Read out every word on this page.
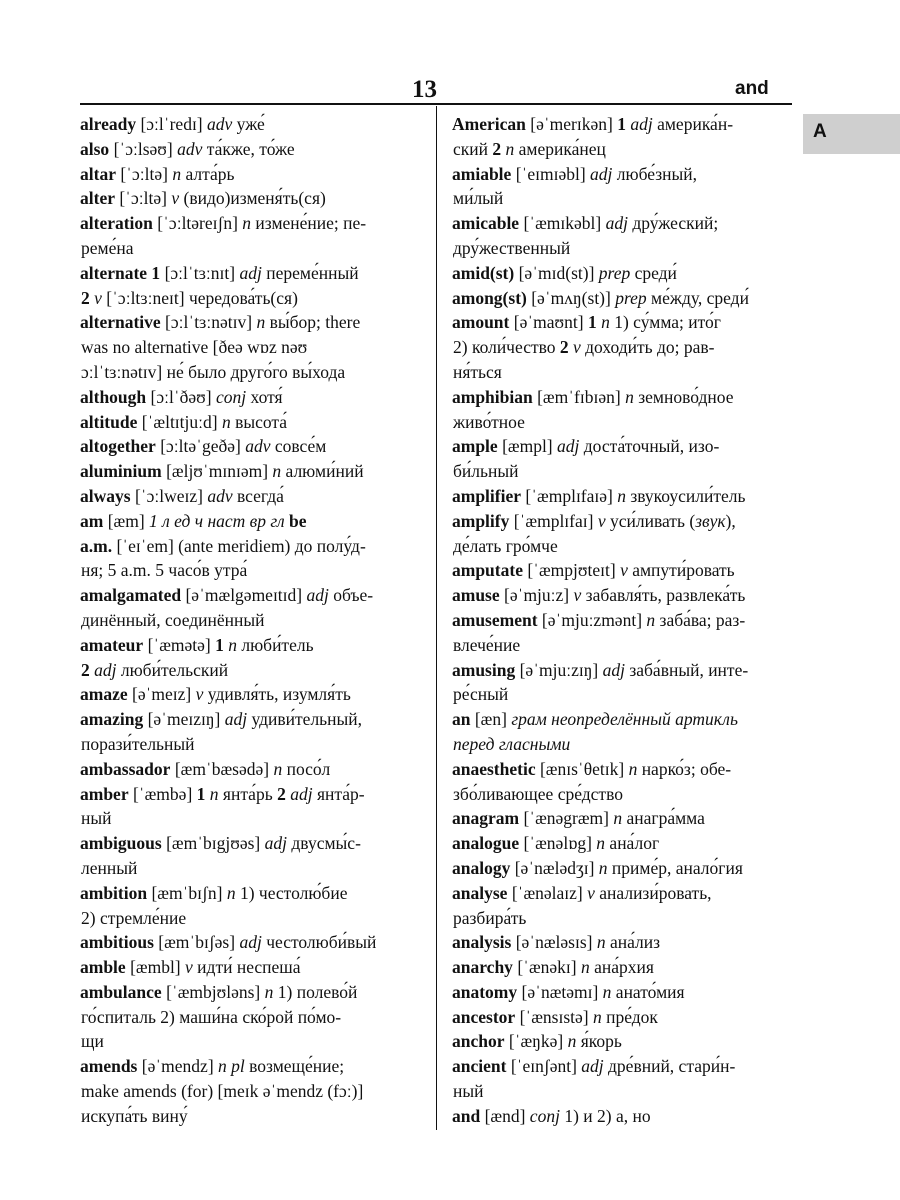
13	and
A
already [ɔːlˈredɪ] adv уже́
also [ˈɔːlsəʊ] adv та́кже, то́же
altar [ˈɔːltə] n алта́рь
alter [ˈɔːltə] v (видо)изменя́ть(ся)
alteration [ˈɔːltəreɪʃn] n измене́ние; пе-
реме́на
alternate 1 [ɔːlˈtɜːnɪt] adj переме́нный
2 v [ˈɔːltɜːneɪt] чередова́ть(ся)
alternative [ɔːlˈtɜːnətɪv] n вы́бор; there
was no alternative [ðeə wɒz nəʊ
ɔːlˈtɜːnətɪv] не́ было друго́го вы́хода
although [ɔːlˈðəʊ] conj хотя́
altitude [ˈæltɪtjuːd] n высота́
altogether [ɔːltəˈgeðə] adv совсе́м
aluminium [æljʊˈmɪnɪəm] n алюми́ний
always [ˈɔːlweɪz] adv всегда́
am [æm] 1 л ед ч наст вр гл be
a.m. [ˈeɪˈem] (ante meridiem) до полу́д-
ня; 5 a.m. 5 часо́в утра́
amalgamated [əˈmælgəmeɪtɪd] adj объе-
динённый, соединённый
amateur [ˈæmətə] 1 n люби́тель
2 adj люби́тельский
amaze [əˈmeɪz] v удивля́ть, изумля́ть
amazing [əˈmeɪzɪŋ] adj удиви́тельный,
порази́тельный
ambassador [æmˈbæsədə] n посо́л
amber [ˈæmbə] 1 n янта́рь 2 adj янта́р-
ный
ambiguous [æmˈbɪgjʊəs] adj двусмы́с-
ленный
ambition [æmˈbɪʃn] n 1) честолю́бие
2) стремле́ние
ambitious [æmˈbɪʃəs] adj честолюби́вый
amble [æmbl] v идти́ неспеша́
ambulance [ˈæmbjʊləns] n 1) полево́й
го́спиталь 2) маши́на ско́рой по́мо-
щи
amends [əˈmendz] n pl возмеще́ние;
make amends (for) [meɪk əˈmendz (fɔː)]
искупа́ть вину́
American [əˈmerɪkən] 1 adj америка́н-
ский 2 n америка́нец
amiable [ˈeɪmɪəbl] adj любе́зный,
ми́лый
amicable [ˈæmɪkəbl] adj дру́жеский;
дру́жественный
amid(st) [əˈmɪd(st)] prep среди́
among(st) [əˈmʌŋ(st)] prep ме́жду, среди́
amount [əˈmaʊnt] 1 n 1) су́мма; ито́г
2) коли́чество 2 v доходи́ть до; рав-
ня́ться
amphibian [æmˈfɪbɪən] n земново́дное
живо́тное
ample [æmpl] adj доста́точный, изо-
би́льный
amplifier [ˈæmplɪfaɪə] n звукоусили́тель
amplify [ˈæmplɪfaɪ] v уси́ливать (звук),
де́лать гро́мче
amputate [ˈæmpjʊteɪt] v ампути́ровать
amuse [əˈmjuːz] v забавля́ть, развлека́ть
amusement [əˈmjuːzmənt] n заба́ва; раз-
влече́ние
amusing [əˈmjuːzɪŋ] adj заба́вный, инте-
ре́сный
an [æn] грам неопределённый артикль
перед гласными
anaesthetic [ænɪsˈθetɪk] n нарко́з; обе-
збо́ливающее сре́дство
anagram [ˈænəgræm] n анагра́мма
analogue [ˈænəlɒg] n ана́лог
analogy [əˈnælədʒɪ] n приме́р, анало́гия
analyse [ˈænəlaɪz] v анализи́ровать,
разбира́ть
analysis [əˈnæləsɪs] n ана́лиз
anarchy [ˈænəkɪ] n ана́рхия
anatomy [əˈnætəmɪ] n анато́мия
ancestor [ˈænsɪstə] n пре́док
anchor [ˈæŋkə] n я́корь
ancient [ˈeɪnʃənt] adj дре́вний, стари́н-
ный
and [ænd] conj 1) и 2) а, но
